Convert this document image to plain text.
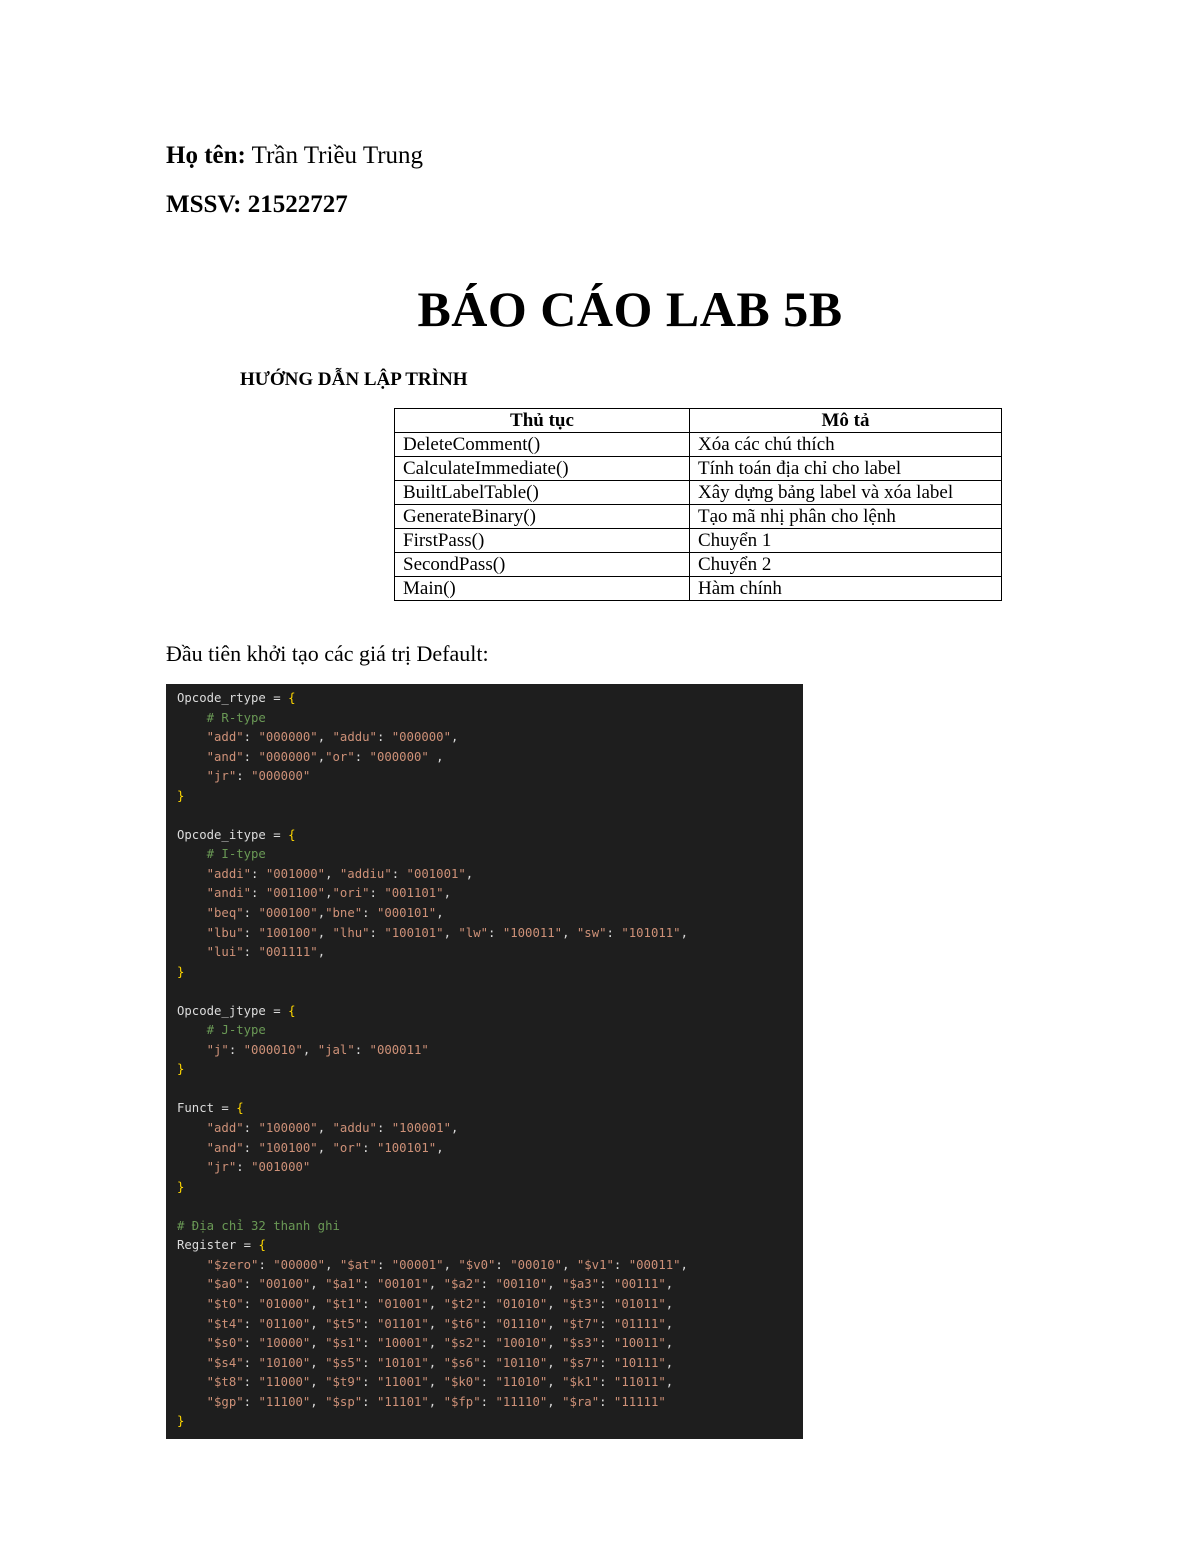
Họ tên: Trần Triều Trung
MSSV: 21522727
BÁO CÁO LAB 5B
HƯỚNG DẪN LẬP TRÌNH
Thủ tục	Mô tả
DeleteComment()	Xóa các chú thích
CalculateImmediate()	Tính toán địa chỉ cho label
BuiltLabelTable()	Xây dựng bảng label và xóa label
GenerateBinary()	Tạo mã nhị phân cho lệnh
FirstPass()	Chuyển 1
SecondPass()	Chuyển 2
Main()	Hàm chính
Đầu tiên khởi tạo các giá trị Default:
Opcode_rtype = {
# R-type
"add": "000000", "addu": "000000",
"and": "000000","or": "000000" ,
"jr": "000000"
}
Opcode_itype = {
# I-type
"addi": "001000", "addiu": "001001",
"andi": "001100","ori": "001101",
"beq": "000100","bne": "000101",
"lbu": "100100", "lhu": "100101", "lw": "100011", "sw": "101011",
"lui": "001111",
}
Opcode_jtype = {
# J-type
"j": "000010", "jal": "000011"
}
Funct = {
"add": "100000", "addu": "100001",
"and": "100100", "or": "100101",
"jr": "001000"
}
# Địa chỉ 32 thanh ghi
Register = {
"$zero": "00000", "$at": "00001", "$v0": "00010", "$v1": "00011",
"$a0": "00100", "$a1": "00101", "$a2": "00110", "$a3": "00111",
"$t0": "01000", "$t1": "01001", "$t2": "01010", "$t3": "01011",
"$t4": "01100", "$t5": "01101", "$t6": "01110", "$t7": "01111",
"$s0": "10000", "$s1": "10001", "$s2": "10010", "$s3": "10011",
"$s4": "10100", "$s5": "10101", "$s6": "10110", "$s7": "10111",
"$t8": "11000", "$t9": "11001", "$k0": "11010", "$k1": "11011",
"$gp": "11100", "$sp": "11101", "$fp": "11110", "$ra": "11111"
}
